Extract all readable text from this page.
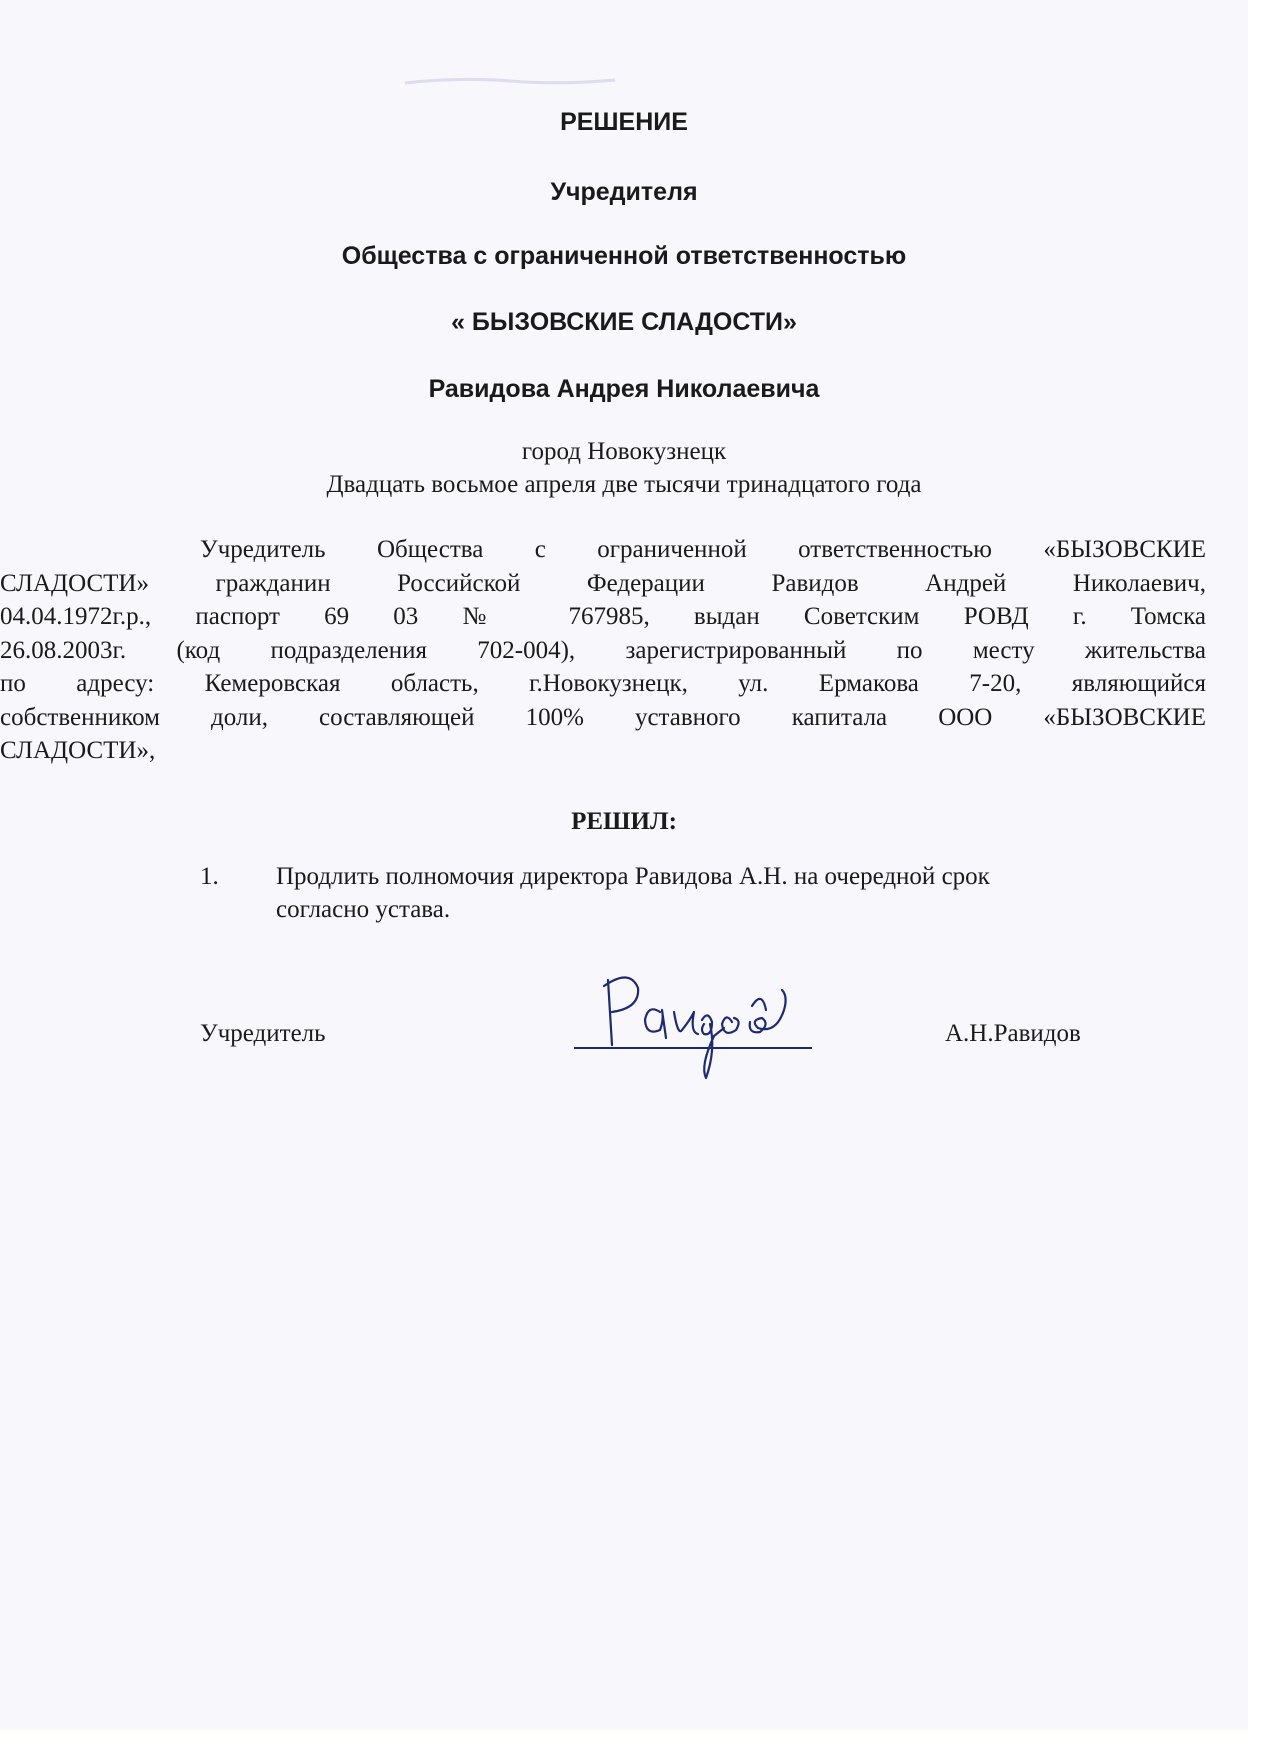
РЕШЕНИЕ

Учредителя

Общества с ограниченной ответственностью

« БЫЗОВСКИЕ СЛАДОСТИ»

Равидова Андрея Николаевича

город Новокузнецк

Двадцать восьмое апреля две тысячи тринадцатого года

Учредитель Общества с ограниченной ответственностью «БЫЗОВСКИЕ
СЛАДОСТИ» гражданин Российской Федерации Равидов Андрей Николаевич,
04.04.1972г.р., паспорт 69 03 № 767985, выдан Советским РОВД г. Томска
26.08.2003г. (код подразделения 702-004), зарегистрированный по месту жительства
по адресу: Кемеровская область, г.Новокузнецк, ул. Ермакова 7-20, являющийся
собственником доли, составляющей 100% уставного капитала ООО «БЫЗОВСКИЕ
СЛАДОСТИ»,

РЕШИЛ:

1. Продлить полномочия директора Равидова А.Н. на очередной срок
согласно устава.
Учредитель	А.Н.Равидов
